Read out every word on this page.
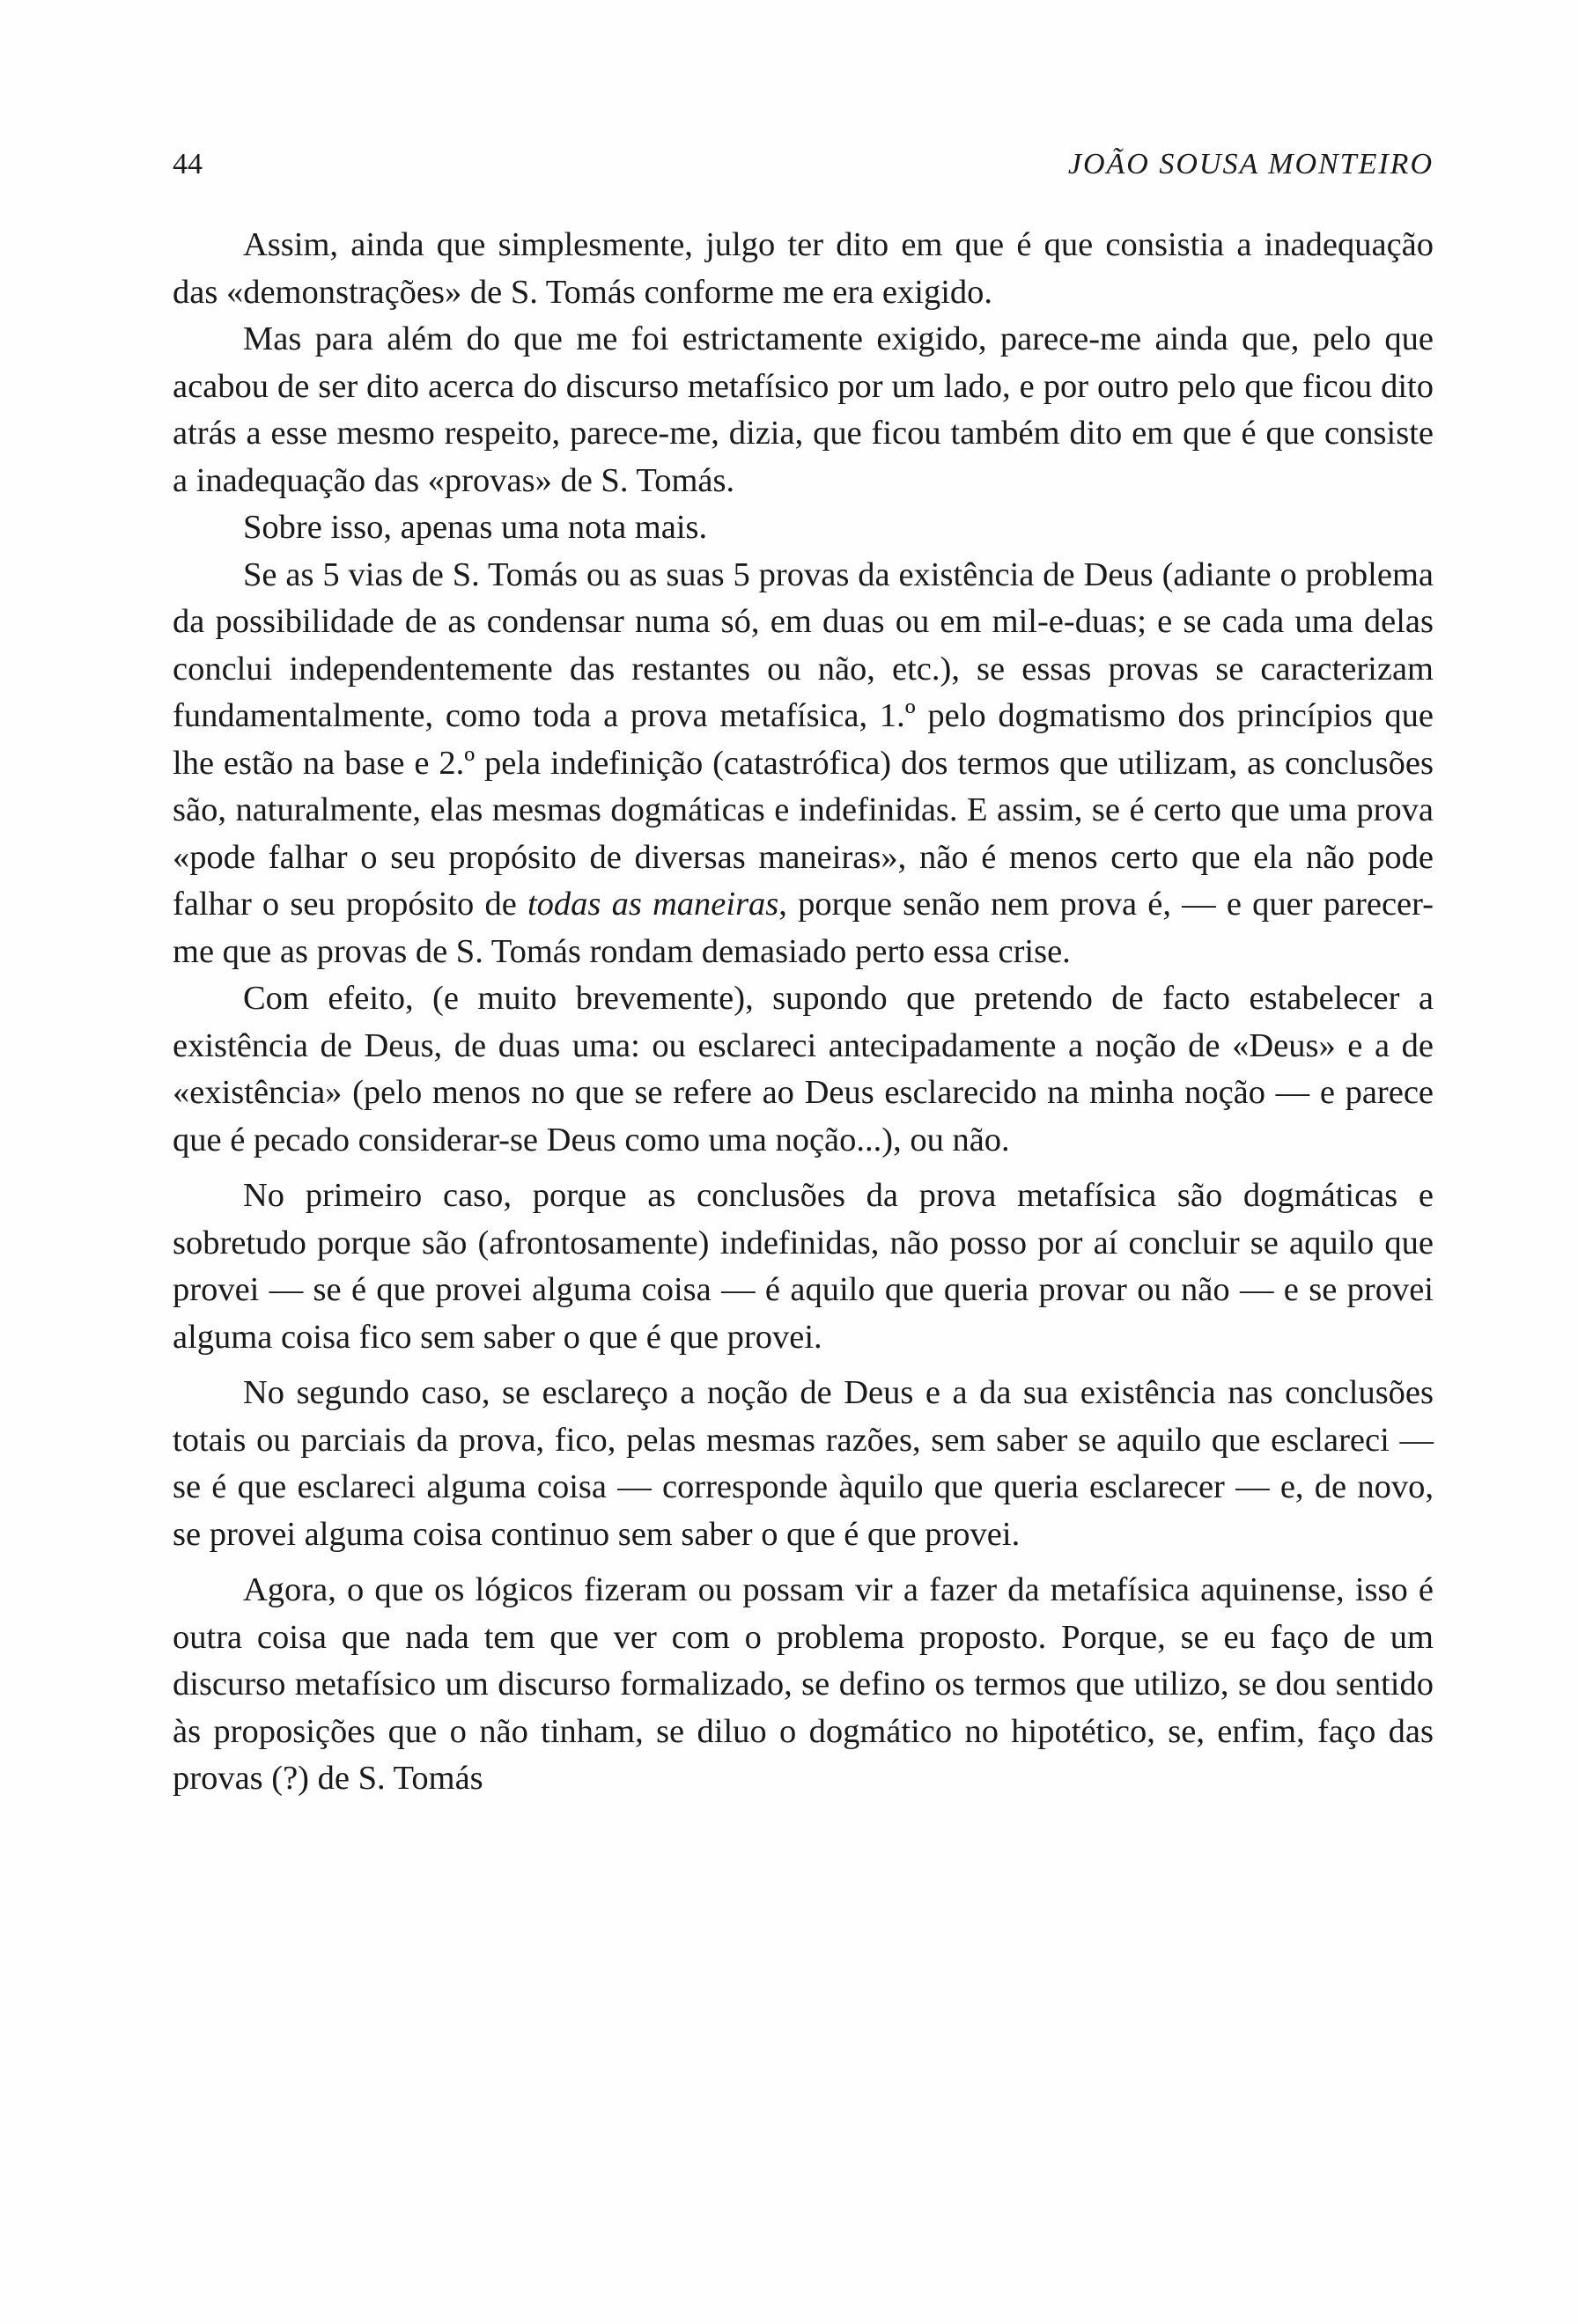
44	JOÃO SOUSA MONTEIRO

Assim, ainda que simplesmente, julgo ter dito em que é que consistia a inadequação das «demonstrações» de S. Tomás conforme me era exigido.

Mas para além do que me foi estrictamente exigido, parece-me ainda que, pelo que acabou de ser dito acerca do discurso metafísico por um lado, e por outro pelo que ficou dito atrás a esse mesmo respeito, parece-me, dizia, que ficou também dito em que é que consiste a inadequação das «provas» de S. Tomás.

Sobre isso, apenas uma nota mais.

Se as 5 vias de S. Tomás ou as suas 5 provas da existência de Deus (adiante o problema da possibilidade de as condensar numa só, em duas ou em mil-e-duas; e se cada uma delas conclui independentemente das restantes ou não, etc.), se essas provas se caracterizam fundamentalmente, como toda a prova metafísica, 1.º pelo dogmatismo dos princípios que lhe estão na base e 2.º pela indefinição (catastrófica) dos termos que utilizam, as conclusões são, naturalmente, elas mesmas dogmáticas e indefinidas. E assim, se é certo que uma prova «pode falhar o seu propósito de diversas maneiras», não é menos certo que ela não pode falhar o seu propósito de todas as maneiras, porque senão nem prova é, — e quer parecer-me que as provas de S. Tomás rondam demasiado perto essa crise.

Com efeito, (e muito brevemente), supondo que pretendo de facto estabelecer a existência de Deus, de duas uma: ou esclareci antecipadamente a noção de «Deus» e a de «existência» (pelo menos no que se refere ao Deus esclarecido na minha noção — e parece que é pecado considerar-se Deus como uma noção...), ou não.

No primeiro caso, porque as conclusões da prova metafísica são dogmáticas e sobretudo porque são (afrontosamente) indefinidas, não posso por aí concluir se aquilo que provei — se é que provei alguma coisa — é aquilo que queria provar ou não — e se provei alguma coisa fico sem saber o que é que provei.

No segundo caso, se esclareço a noção de Deus e a da sua existência nas conclusões totais ou parciais da prova, fico, pelas mesmas razões, sem saber se aquilo que esclareci — se é que esclareci alguma coisa — corresponde àquilo que queria esclarecer — e, de novo, se provei alguma coisa continuo sem saber o que é que provei.

Agora, o que os lógicos fizeram ou possam vir a fazer da metafísica aquinense, isso é outra coisa que nada tem que ver com o problema proposto. Porque, se eu faço de um discurso metafísico um discurso formalizado, se defino os termos que utilizo, se dou sentido às proposições que o não tinham, se diluo o dogmático no hipotético, se, enfim, faço das provas (?) de S. Tomás
